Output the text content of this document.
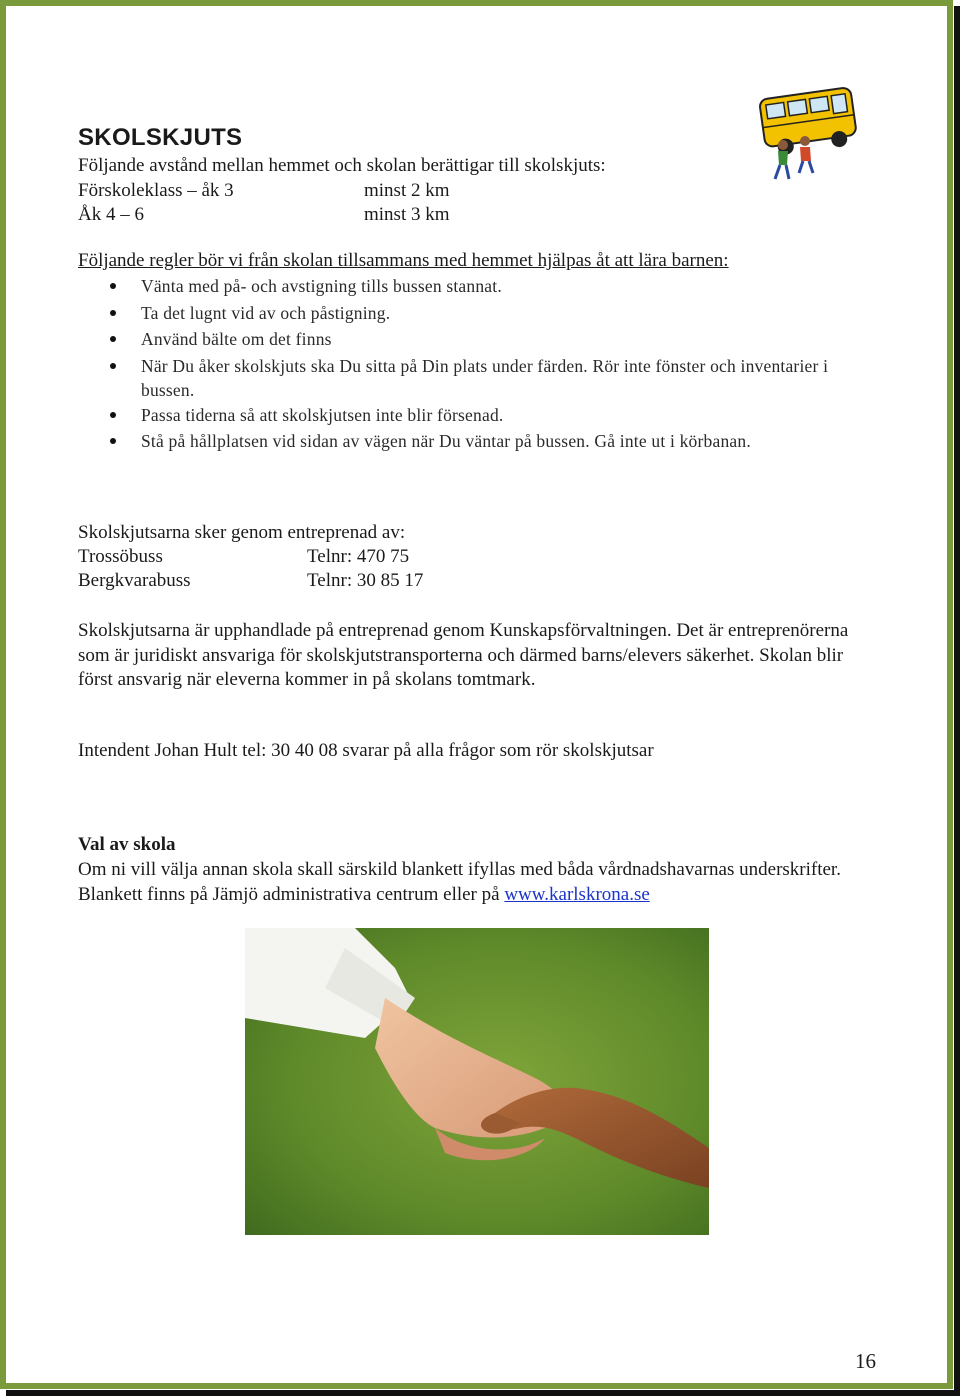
SKOLSKJUTS
Följande avstånd mellan hemmet och skolan berättigar till skolskjuts:
Förskoleklass – åk 3	minst 2 km
Åk 4 – 6	minst 3 km
Följande regler bör vi från skolan tillsammans med hemmet hjälpas åt att lära barnen:
Vänta med på- och avstigning tills bussen stannat.
Ta det lugnt vid av och påstigning.
Använd bälte om det finns
När Du åker skolskjuts ska Du sitta på Din plats under färden. Rör inte fönster och inventarier i bussen.
Passa tiderna så att skolskjutsen inte blir försenad.
Stå på hållplatsen vid sidan av vägen när Du väntar på bussen. Gå inte ut i körbanan.
Skolskjutsarna sker genom entreprenad av:
Trossöbuss	Telnr: 470 75
Bergkvarabuss	Telnr: 30 85 17
Skolskjutsarna är upphandlade på entreprenad genom Kunskapsförvaltningen. Det är entreprenörerna som är juridiskt ansvariga för skolskjutstransporterna och därmed barns/elevers säkerhet. Skolan blir först ansvarig när eleverna kommer in på skolans tomtmark.
Intendent Johan Hult tel: 30 40 08 svarar på alla frågor som rör skolskjutsar
Val av skola
Om ni vill välja annan skola skall särskild blankett ifyllas med båda vårdnadshavarnas underskrifter. Blankett finns på Jämjö administrativa centrum eller på www.karlskrona.se
16
